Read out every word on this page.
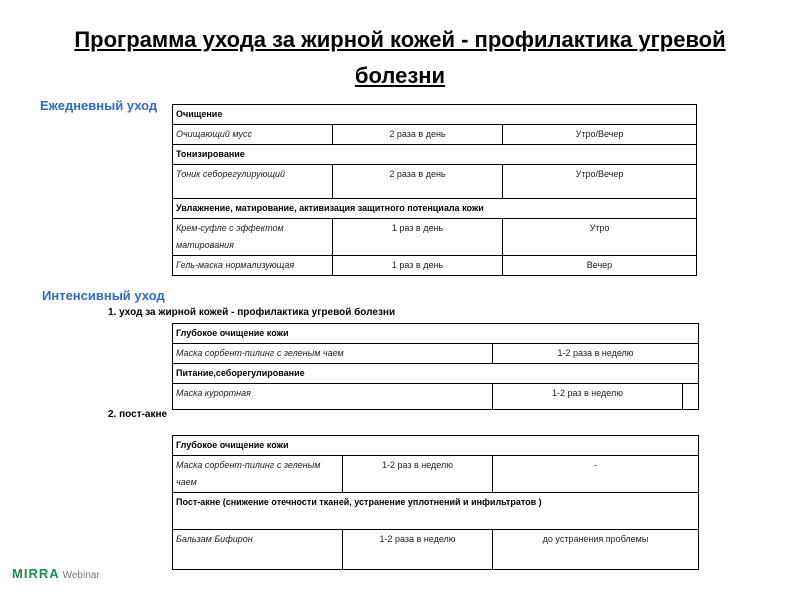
Программа ухода за жирной кожей - профилактика угревой болезни
Ежедневный уход
Очищение		
Очищающий мусс	2 раза в день	Утро/Вечер
Тонизирование		
Тоник себорегулирующий	2 раза в день	Утро/Вечер
Увлажнение, матирование, активизация защитного потенциала кожи		
Крем-суфле с эффектом матирования	1 раз в день	Утро
Гель-маска нормализующая	1 раз в день	Вечер
Интенсивный уход
1. уход за жирной кожей - профилактика угревой болезни
Глубокое очищение кожи		
Маска сорбент-пилинг с зеленым чаем	1-2 раза в неделю	
Питание,себорегулирование		
Маска курортная	1-2 раз в неделю	
2. пост-акне
Глубокое очищение кожи		
Маска сорбент-пилинг с зеленым чаем	1-2 раз в неделю	-
Пост-акне (снижение отечности тканей, устранение уплотнений и инфильтратов )		
Бальзам Бифирон	1-2 раза в неделю	до устранения проблемы
MIRRA Webinar
